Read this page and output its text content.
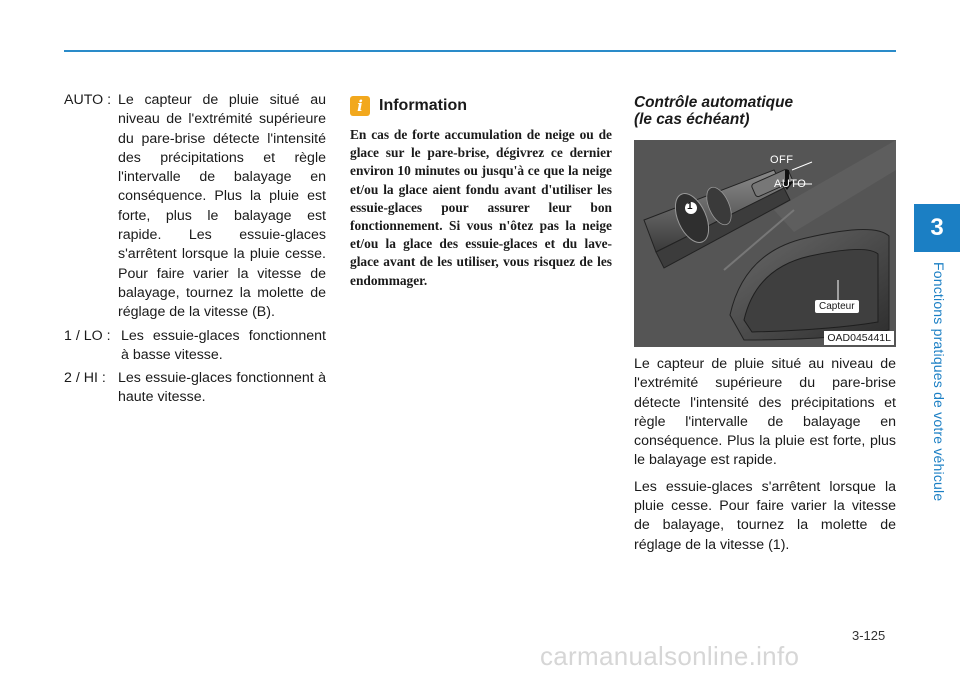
3
Fonctions pratiques de votre véhicule
AUTO : Le capteur de pluie situé au niveau de l'extrémité supérieure du pare-brise détecte l'intensité des précipitations et règle l'intervalle de balayage en conséquence. Plus la pluie est forte, plus le balayage est rapide. Les essuie-glaces s'arrêtent lorsque la pluie cesse. Pour faire varier la vitesse de balayage, tournez la molette de réglage de la vitesse (B).
1 / LO : Les essuie-glaces fonctionnent à basse vitesse.
2 / HI : Les essuie-glaces fonctionnent à haute vitesse.
i	Information
En cas de forte accumulation de neige ou de glace sur le pare-brise, dégivrez ce dernier environ 10 minutes ou jusqu'à ce que la neige et/ou la glace aient fondu avant d'utiliser les essuie-glaces pour assurer leur bon fonctionnement. Si vous n'ôtez pas la neige et/ou la glace des essuie-glaces et du lave-glace avant de les utiliser, vous risquez de les endommager.

Contrôle automatique

(le cas échéant)

1
OFF
AUTO
Capteur
OAD045441L

Le capteur de pluie situé au niveau de l'extrémité supérieure du pare-brise détecte l'intensité des précipitations et règle l'intervalle de balayage en conséquence. Plus la pluie est forte, plus le balayage est rapide.

Les essuie-glaces s'arrêtent lorsque la pluie cesse. Pour faire varier la vitesse de balayage, tournez la molette de réglage de la vitesse (1).

3-125
carmanualsonline.info
